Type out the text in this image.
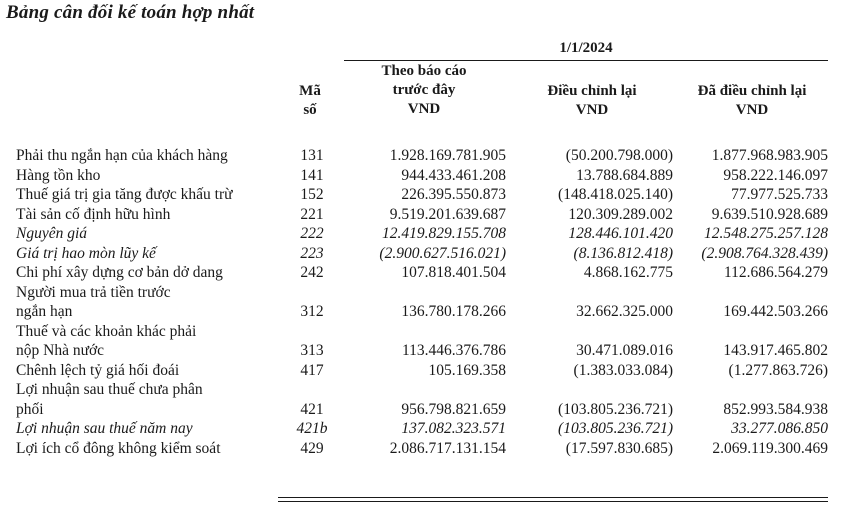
Bảng cân đối kế toán hợp nhất
1/1/2024
Mã
số
Theo báo cáo
trước đây
VND
Điều chỉnh lại
VND
Đã điều chỉnh lại
VND
Phải thu ngắn hạn của khách hàng	131	1.928.169.781.905	(50.200.798.000)	1.877.968.983.905
Hàng tồn kho	141	944.433.461.208	13.788.684.889	958.222.146.097
Thuế giá trị gia tăng được khấu trừ	152	226.395.550.873	(148.418.025.140)	77.977.525.733
Tài sản cố định hữu hình	221	9.519.201.639.687	120.309.289.002	9.639.510.928.689
Nguyên giá	222	12.419.829.155.708	128.446.101.420 12.548.275.257.128
Giá trị hao mòn lũy kế	223	(2.900.627.516.021)	(8.136.812.418) (2.908.764.328.439)
Chi phí xây dựng cơ bản dở dang	242	107.818.401.504	4.868.162.775	112.686.564.279
Người mua trả tiền trước
ngắn hạn	312	136.780.178.266	32.662.325.000	169.442.503.266
Thuế và các khoản khác phải
nộp Nhà nước	313	113.446.376.786	30.471.089.016	143.917.465.802
Chênh lệch tỷ giá hối đoái	417	105.169.358	(1.383.033.084)	(1.277.863.726)
Lợi nhuận sau thuế chưa phân
phối	421	956.798.821.659	(103.805.236.721)	852.993.584.938
Lợi nhuận sau thuế năm nay	421b	137.082.323.571	(103.805.236.721)	33.277.086.850
Lợi ích cổ đông không kiểm soát	429	2.086.717.131.154	(17.597.830.685)	2.069.119.300.469
